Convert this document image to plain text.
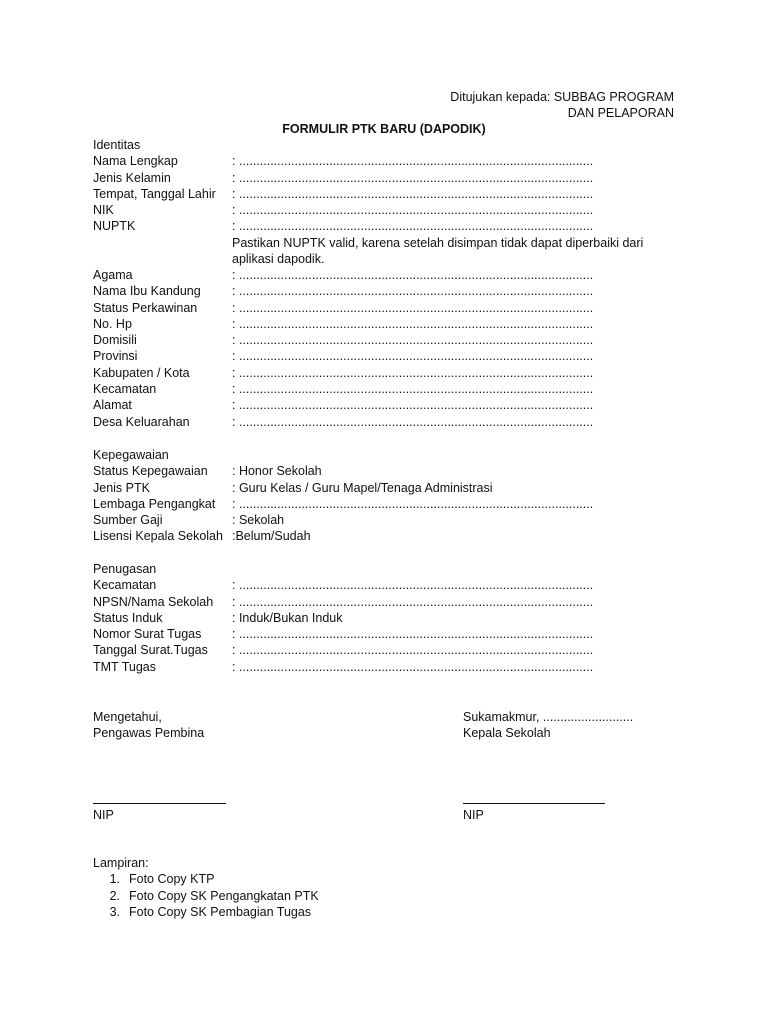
Ditujukan kepada: SUBBAG PROGRAM
DAN PELAPORAN
FORMULIR PTK BARU (DAPODIK)
Identitas
Nama Lengkap	: ......................................................................................................
Jenis Kelamin	: ......................................................................................................
Tempat, Tanggal Lahir	: ......................................................................................................
NIK	: ......................................................................................................
NUPTK	: ......................................................................................................
Pastikan NUPTK valid, karena setelah disimpan tidak dapat diperbaiki dari aplikasi dapodik.
Agama	: ......................................................................................................
Nama Ibu Kandung	: ......................................................................................................
Status Perkawinan	: ......................................................................................................
No. Hp	: ......................................................................................................
Domisili	: ......................................................................................................
Provinsi	: ......................................................................................................
Kabupaten / Kota	: ......................................................................................................
Kecamatan	: ......................................................................................................
Alamat	: ......................................................................................................
Desa Keluarahan	: ......................................................................................................
Kepegawaian
Status Kepegawaian	: Honor Sekolah
Jenis PTK	: Guru Kelas / Guru Mapel/Tenaga Administrasi
Lembaga Pengangkat	: ......................................................................................................
Sumber Gaji	: Sekolah
Lisensi Kepala Sekolah :Belum/Sudah
Penugasan
Kecamatan	: ......................................................................................................
NPSN/Nama Sekolah	: ......................................................................................................
Status Induk	: Induk/Bukan Induk
Nomor Surat Tugas	: ......................................................................................................
Tanggal Surat.Tugas	: ......................................................................................................
TMT Tugas	: ......................................................................................................
Mengetahui,
Pengawas Pembina
Sukamakmur, ..........................
Kepala Sekolah
NIP	NIP
Lampiran:
1. Foto Copy KTP
2. Foto Copy SK Pengangkatan PTK
3. Foto Copy SK Pembagian Tugas
